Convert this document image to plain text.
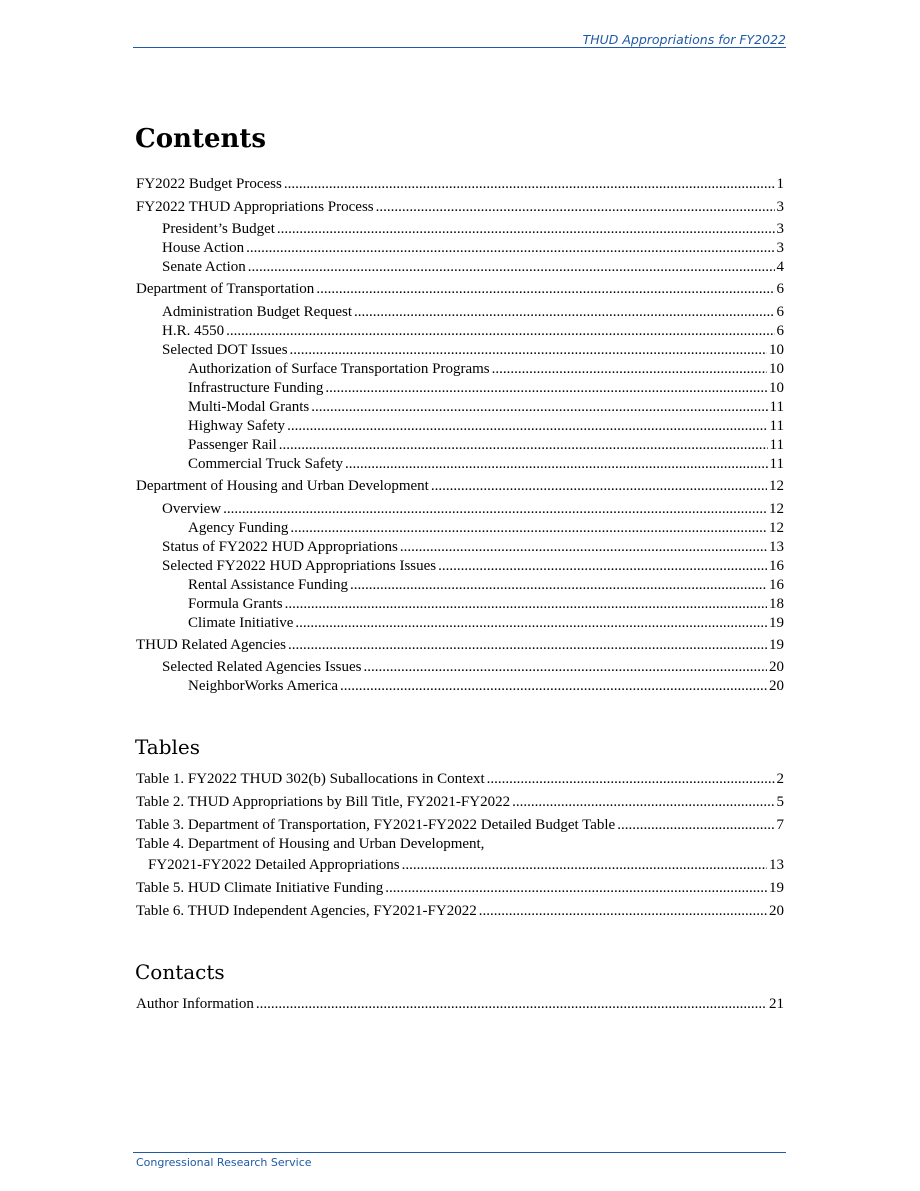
THUD Appropriations for FY2022
Contents
FY2022 Budget Process .....	1
FY2022 THUD Appropriations Process .....	3
President’s Budget .....	3
House Action .....	3
Senate Action .....	4
Department of Transportation .....	6
Administration Budget Request .....	6
H.R. 4550 .....	6
Selected DOT Issues .....	10
Authorization of Surface Transportation Programs .....	10
Infrastructure Funding .....	10
Multi-Modal Grants .....	11
Highway Safety .....	11
Passenger Rail .....	11
Commercial Truck Safety .....	11
Department of Housing and Urban Development .....	12
Overview .....	12
Agency Funding .....	12
Status of FY2022 HUD Appropriations .....	13
Selected FY2022 HUD Appropriations Issues .....	16
Rental Assistance Funding .....	16
Formula Grants .....	18
Climate Initiative .....	19
THUD Related Agencies .....	19
Selected Related Agencies Issues .....	20
NeighborWorks America .....	20
Tables
Table 1. FY2022 THUD 302(b) Suballocations in Context .....	2
Table 2. THUD Appropriations by Bill Title, FY2021-FY2022 .....	5
Table 3. Department of Transportation, FY2021-FY2022 Detailed Budget Table .....	7
Table 4. Department of Housing and Urban Development,
FY2021-FY2022 Detailed Appropriations .....	13
Table 5. HUD Climate Initiative Funding .....	19
Table 6. THUD Independent Agencies, FY2021-FY2022 .....	20
Contacts
Author Information .....	21
Congressional Research Service
